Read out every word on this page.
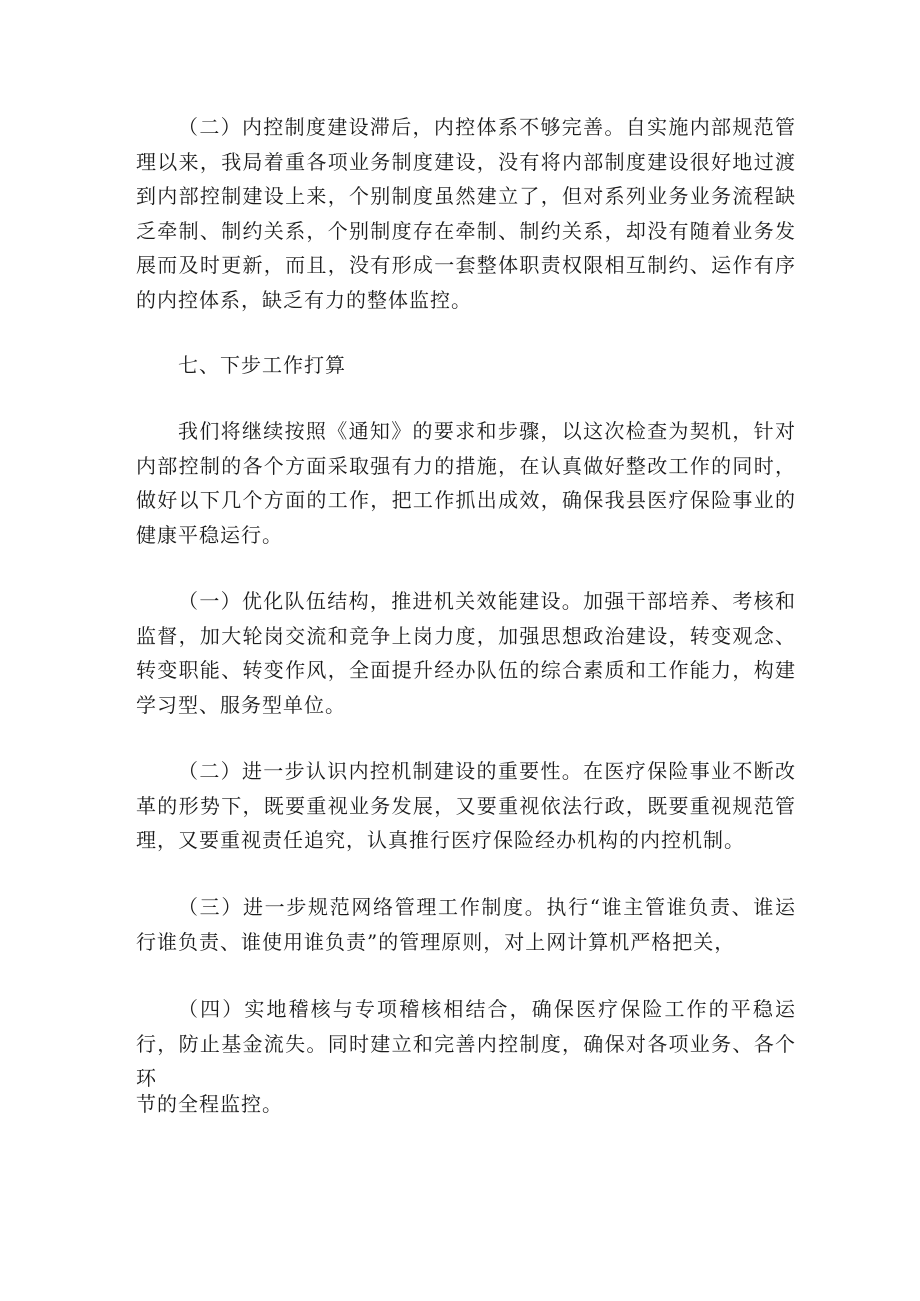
（二）内控制度建设滞后，内控体系不够完善。自实施内部规范管理以来，我局着重各项业务制度建设，没有将内部制度建设很好地过渡到内部控制建设上来，个别制度虽然建立了，但对系列业务业务流程缺乏牵制、制约关系，个别制度存在牵制、制约关系，却没有随着业务发展而及时更新，而且，没有形成一套整体职责权限相互制约、运作有序的内控体系，缺乏有力的整体监控。

七、下步工作打算

我们将继续按照《通知》的要求和步骤，以这次检查为契机，针对内部控制的各个方面采取强有力的措施，在认真做好整改工作的同时，做好以下几个方面的工作，把工作抓出成效，确保我县医疗保险事业的健康平稳运行。

（一）优化队伍结构，推进机关效能建设。加强干部培养、考核和监督，加大轮岗交流和竞争上岗力度，加强思想政治建设，转变观念、转变职能、转变作风，全面提升经办队伍的综合素质和工作能力，构建学习型、服务型单位。

（二）进一步认识内控机制建设的重要性。在医疗保险事业不断改革的形势下，既要重视业务发展，又要重视依法行政，既要重视规范管理，又要重视责任追究，认真推行医疗保险经办机构的内控机制。

（三）进一步规范网络管理工作制度。执行“谁主管谁负责、谁运行谁负责、谁使用谁负责”的管理原则，对上网计算机严格把关，

（四）实地稽核与专项稽核相结合，确保医疗保险工作的平稳运行，防止基金流失。同时建立和完善内控制度，确保对各项业务、各个环

节的全程监控。
